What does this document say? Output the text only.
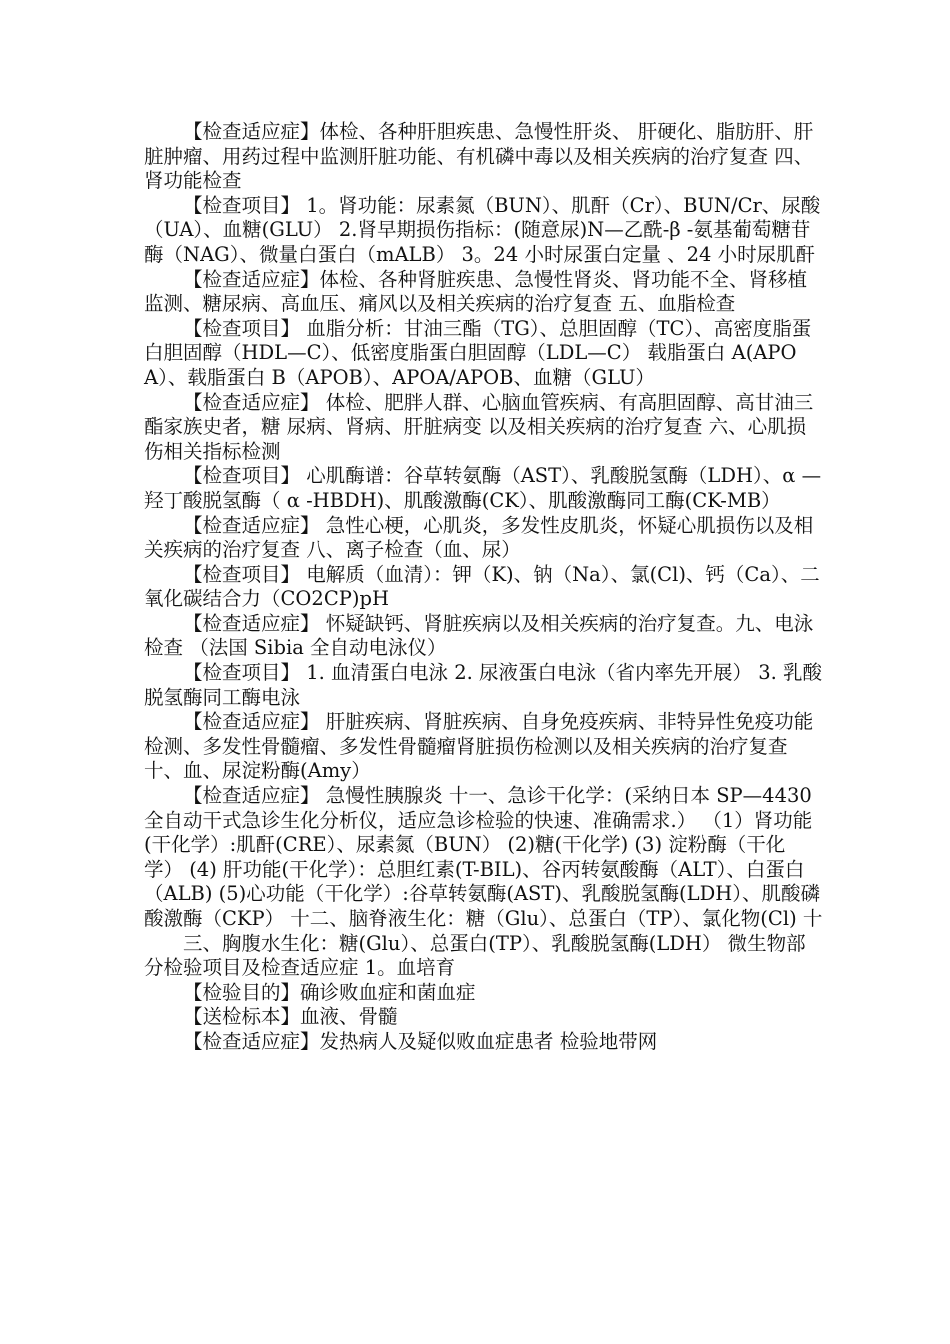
【检查适应症】体检、各种肝胆疾患、急慢性肝炎、 肝硬化、脂肪肝、肝脏肿瘤、用药过程中监测肝脏功能、有机磷中毒以及相关疾病的治疗复查 四、肾功能检查

【检查项目】 1。肾功能：尿素氮（BUN）、肌酐（Cr）、BUN/Cr、尿酸（UA）、血糖(GLU） 2.肾早期损伤指标：(随意尿)N—乙酰-β -氨基葡萄糖苷酶（NAG）、微量白蛋白（mALB） 3。24 小时尿蛋白定量 、24 小时尿肌酐

【检查适应症】体检、各种肾脏疾患、急慢性肾炎、肾功能不全、肾移植监测、糖尿病、高血压、痛风以及相关疾病的治疗复查 五、血脂检查

【检查项目】 血脂分析：甘油三酯（TG）、总胆固醇（TC）、高密度脂蛋白胆固醇（HDL—C）、低密度脂蛋白胆固醇（LDL—C） 载脂蛋白 A(APOA）、载脂蛋白 B（APOB）、APOA/APOB、血糖（GLU）

【检查适应症】 体检、肥胖人群、心脑血管疾病、有高胆固醇、高甘油三酯家族史者，糖 尿病、肾病、肝脏病变 以及相关疾病的治疗复查 六、心肌损伤相关指标检测

【检查项目】 心肌酶谱：谷草转氨酶（AST）、乳酸脱氢酶（LDH）、α —羟丁酸脱氢酶（ α -HBDH)、肌酸激酶(CK）、肌酸激酶同工酶(CK-MB）

【检查适应症】 急性心梗，心肌炎，多发性皮肌炎，怀疑心肌损伤以及相关疾病的治疗复查 八、离子检查（血、尿）

【检查项目】 电解质（血清）：钾（K)、钠（Na）、氯(Cl)、钙（Ca）、二氧化碳结合力（CO2CP)pH

【检查适应症】 怀疑缺钙、肾脏疾病以及相关疾病的治疗复查。九、电泳检查 （法国 Sibia 全自动电泳仪）

【检查项目】 1. 血清蛋白电泳 2. 尿液蛋白电泳（省内率先开展） 3. 乳酸脱氢酶同工酶电泳

【检查适应症】 肝脏疾病、肾脏疾病、自身免疫疾病、非特异性免疫功能检测、多发性骨髓瘤、多发性骨髓瘤肾脏损伤检测以及相关疾病的治疗复查 十、血、尿淀粉酶(Amy）

【检查适应症】 急慢性胰腺炎 十一、急诊干化学：(采纳日本 SP—4430 全自动干式急诊生化分析仪，适应急诊检验的快速、准确需求.） （1）肾功能(干化学）:肌酐(CRE）、尿素氮（BUN） (2)糖(干化学) (3) 淀粉酶（干化学） (4) 肝功能(干化学）：总胆红素(T-BIL)、谷丙转氨酸酶（ALT）、白蛋白（ALB) (5)心功能（干化学）:谷草转氨酶(AST)、乳酸脱氢酶(LDH）、肌酸磷酸激酶（CKP） 十二、脑脊液生化：糖（Glu）、总蛋白（TP）、氯化物(Cl) 十

三、胸腹水生化：糖(Glu）、总蛋白(TP）、乳酸脱氢酶(LDH） 微生物部分检验项目及检查适应症 1。血培育

【检验目的】确诊败血症和菌血症

【送检标本】血液、骨髓

【检查适应症】发热病人及疑似败血症患者 检验地带网
